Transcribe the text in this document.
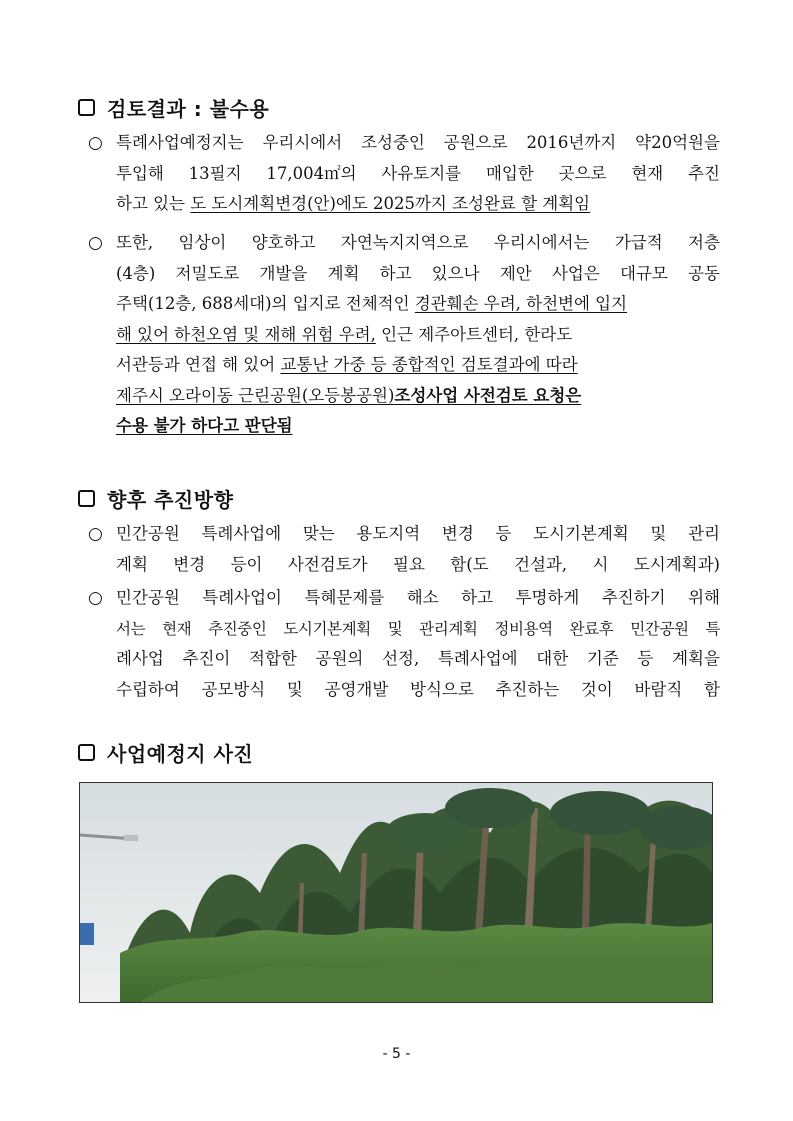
검토결과 : 불수용
○ 특례사업예정지는 우리시에서 조성중인 공원으로 2016년까지 약20억원을
투입해 13필지 17,004㎡의 사유토지를 매입한 곳으로 현재 추진
하고 있는 도 도시계획변경(안)에도 2025까지 조성완료 할 계획임
○ 또한, 임상이 양호하고 자연녹지지역으로 우리시에서는 가급적 저층
(4층) 저밀도로 개발을 계획 하고 있으나 제안 사업은 대규모 공동
주택(12층, 688세대)의 입지로 전체적인 경관훼손 우려, 하천변에 입지
해 있어 하천오염 및 재해 위험 우려, 인근 제주아트센터, 한라도
서관등과 연접 해 있어 교통난 가중 등 종합적인 검토결과에 따라
제주시 오라이동 근린공원(오등봉공원) 조성사업 사전검토 요청은
수용 불가 하다고 판단됨
향후 추진방향
○ 민간공원 특례사업에 맞는 용도지역 변경 등 도시기본계획 및 관리
계획 변경 등이 사전검토가 필요 함(도 건설과, 시 도시계획과)
○ 민간공원 특례사업이 특혜문제를 해소 하고 투명하게 추진하기 위해
서는 현재 추진중인 도시기본계획 및 관리계획 정비용역 완료후 민간공원 특
례사업 추진이 적합한 공원의 선정, 특례사업에 대한 기준 등 계획을
수립하여 공모방식 및 공영개발 방식으로 추진하는 것이 바람직 함
사업예정지 사진
- 5 -
